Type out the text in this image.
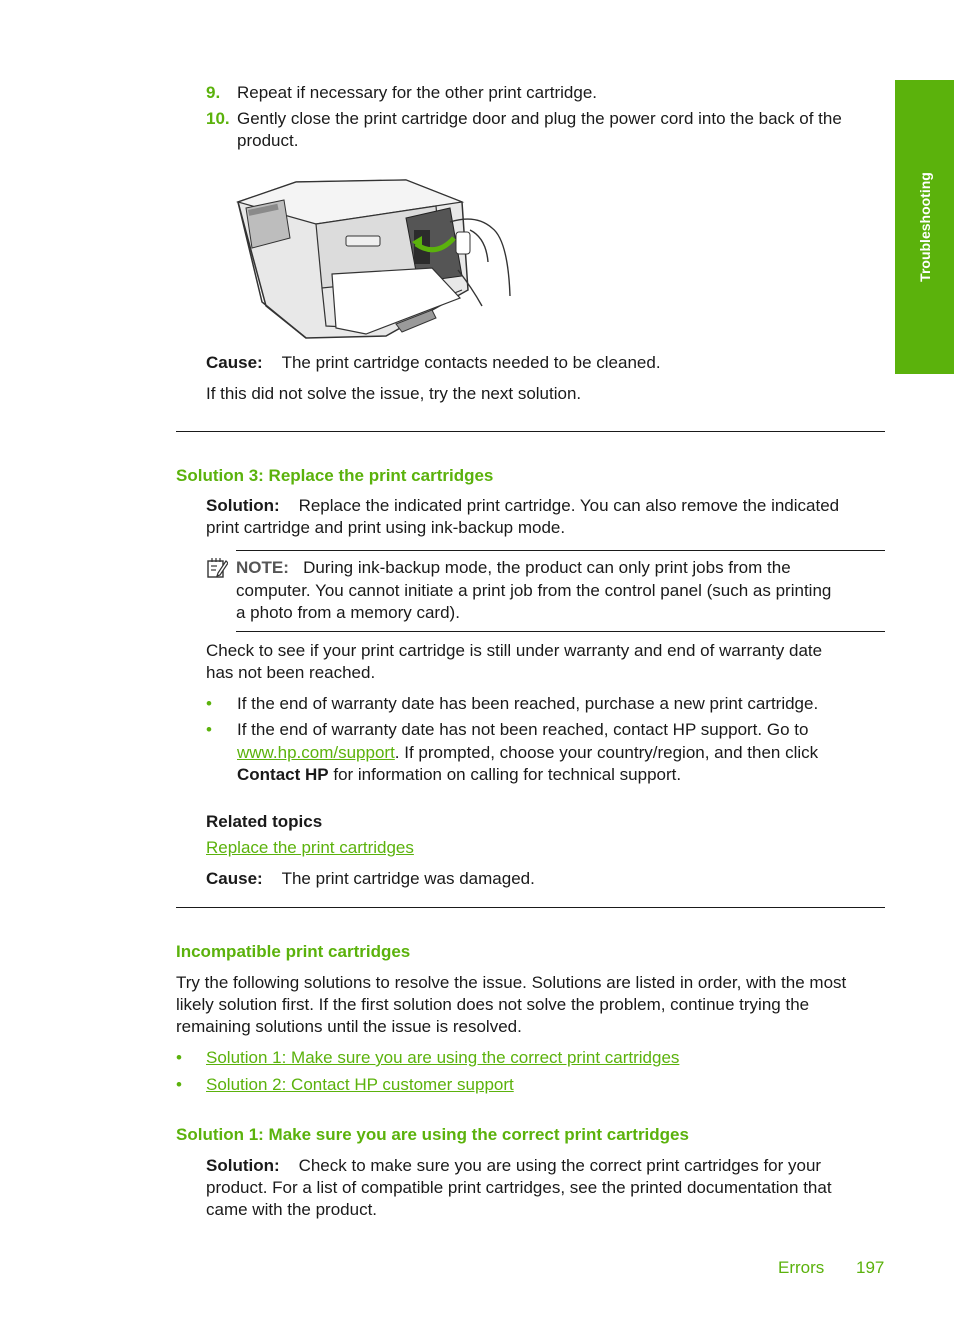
Troubleshooting
9. Repeat if necessary for the other print cartridge.
10. Gently close the print cartridge door and plug the power cord into the back of the
product.
Cause: The print cartridge contacts needed to be cleaned.
If this did not solve the issue, try the next solution.
Solution 3: Replace the print cartridges
Solution: Replace the indicated print cartridge. You can also remove the indicated
print cartridge and print using ink-backup mode.
NOTE: During ink-backup mode, the product can only print jobs from the
computer. You cannot initiate a print job from the control panel (such as printing
a photo from a memory card).
Check to see if your print cartridge is still under warranty and end of warranty date
has not been reached.
• If the end of warranty date has been reached, purchase a new print cartridge.
• If the end of warranty date has not been reached, contact HP support. Go to
www.hp.com/support. If prompted, choose your country/region, and then click
Contact HP for information on calling for technical support.
Related topics
Replace the print cartridges
Cause: The print cartridge was damaged.
Incompatible print cartridges
Try the following solutions to resolve the issue. Solutions are listed in order, with the most
likely solution first. If the first solution does not solve the problem, continue trying the
remaining solutions until the issue is resolved.
• Solution 1: Make sure you are using the correct print cartridges
• Solution 2: Contact HP customer support
Solution 1: Make sure you are using the correct print cartridges
Solution: Check to make sure you are using the correct print cartridges for your
product. For a list of compatible print cartridges, see the printed documentation that
came with the product.
Errors 197
